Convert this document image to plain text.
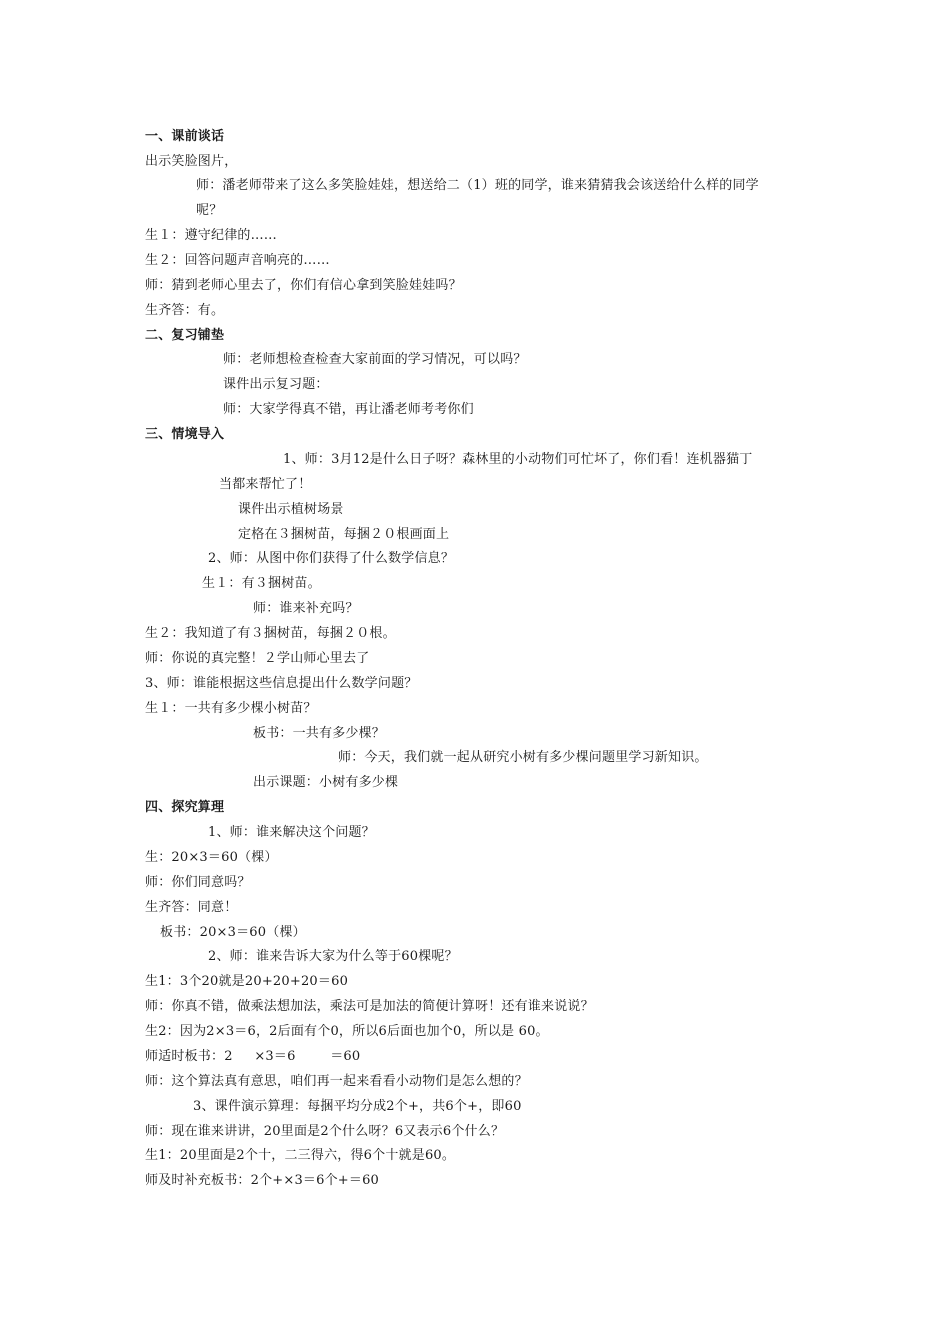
一、课前谈话
出示笑脸图片，
师：潘老师带来了这么多笑脸娃娃，想送给二（1）班的同学，谁来猜猜我会该送给什么样的同学
呢？
生１：遵守纪律的……
生２：回答问题声音响亮的……
师：猜到老师心里去了，你们有信心拿到笑脸娃娃吗？
生齐答：有。
二、复习铺垫
师：老师想检查检查大家前面的学习情况，可以吗？
课件出示复习题：
师：大家学得真不错，再让潘老师考考你们
三、情境导入
1、师：3月12是什么日子呀？森林里的小动物们可忙坏了，你们看！连机器猫丁
当都来帮忙了！
课件出示植树场景
定格在３捆树苗，每捆２０根画面上
2、师：从图中你们获得了什么数学信息？
生１：有３捆树苗。
师：谁来补充吗？
生２：我知道了有３捆树苗，每捆２０根。
师：你说的真完整！２学山师心里去了
3、师：谁能根据这些信息提出什么数学问题？
生１：一共有多少棵小树苗？
板书：一共有多少棵？
师：今天，我们就一起从研究小树有多少棵问题里学习新知识。
出示课题：小树有多少棵
四、探究算理
1、师：谁来解决这个问题？
生：20×3＝60（棵）
师：你们同意吗？
生齐答：同意！
板书：20×3＝60（棵）
2、师：谁来告诉大家为什么等于60棵呢？
生1：3个20就是20+20+20＝60
师：你真不错，做乘法想加法，乘法可是加法的简便计算呀！还有谁来说说？
生2：因为2×3＝6，2后面有个0，所以6后面也加个0，所以是 60。
师适时板书：2     ×3＝6        ＝60
师：这个算法真有意思，咱们再一起来看看小动物们是怎么想的？
3、课件演示算理：每捆平均分成2个+，共6个+，即60
师：现在谁来讲讲，20里面是2个什么呀？6又表示6个什么？
生1：20里面是2个十，二三得六，得6个十就是60。
师及时补充板书：2个+×3＝6个+＝60
